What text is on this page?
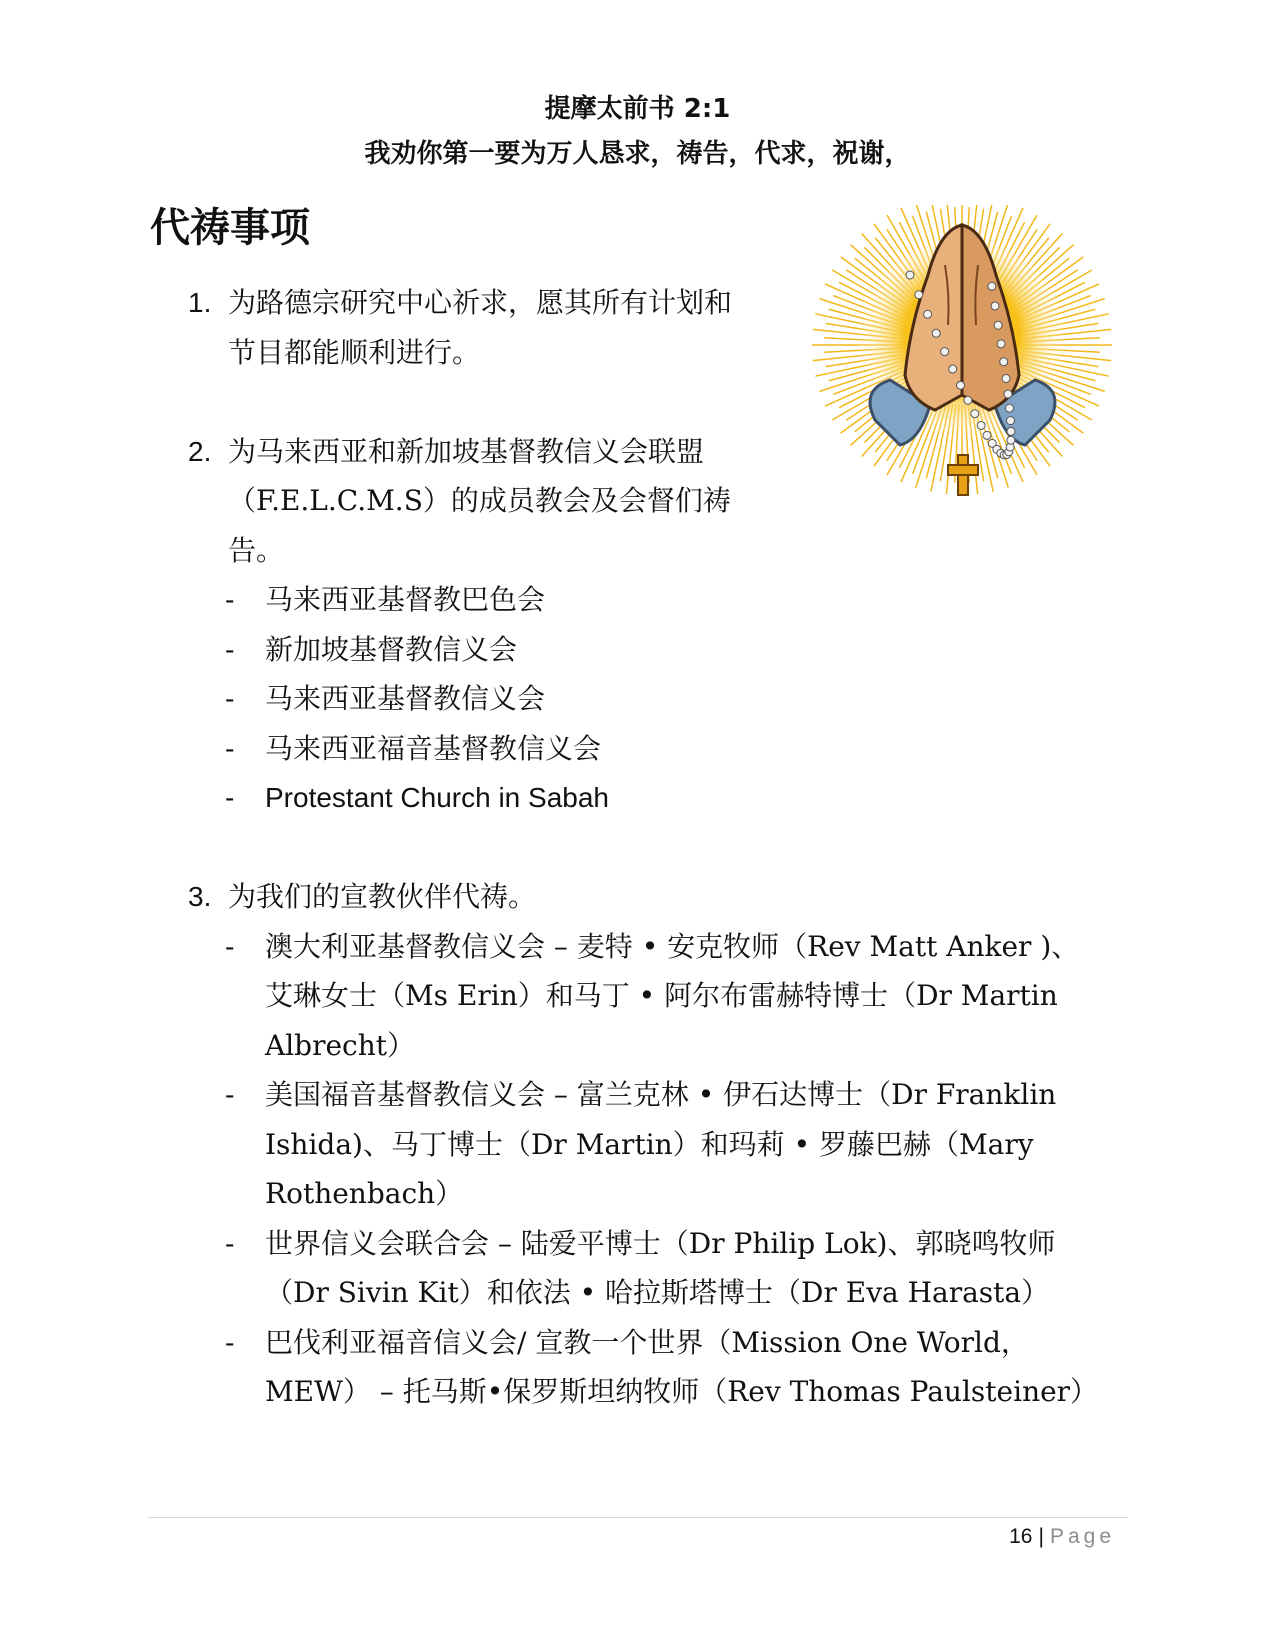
提摩太前书 2:1
我劝你第一要为万人恳求，祷告，代求，祝谢，
代祷事项
1. 为路德宗研究中心祈求，愿其所有计划和节目都能顺利进行。
2. 为马来西亚和新加坡基督教信义会联盟（F.E.L.C.M.S）的成员教会及会督们祷告。
- 马来西亚基督教巴色会
- 新加坡基督教信义会
- 马来西亚基督教信义会
- 马来西亚福音基督教信义会
- Protestant Church in Sabah
3. 为我们的宣教伙伴代祷。
- 澳大利亚基督教信义会 – 麦特 • 安克牧师（Rev Matt Anker )、艾琳女士（Ms Erin）和马丁 • 阿尔布雷赫特博士（Dr Martin Albrecht）
- 美国福音基督教信义会 – 富兰克林 • 伊石达博士（Dr Franklin Ishida)、马丁博士（Dr Martin）和玛莉 • 罗藤巴赫（Mary Rothenbach）
- 世界信义会联合会 – 陆爱平博士（Dr Philip Lok)、郭晓鸣牧师（Dr Sivin Kit）和依法 • 哈拉斯塔博士（Dr Eva Harasta）
- 巴伐利亚福音信义会/ 宣教一个世界（Mission One World，MEW） – 托马斯•保罗斯坦纳牧师（Rev Thomas Paulsteiner）
16 | Page
